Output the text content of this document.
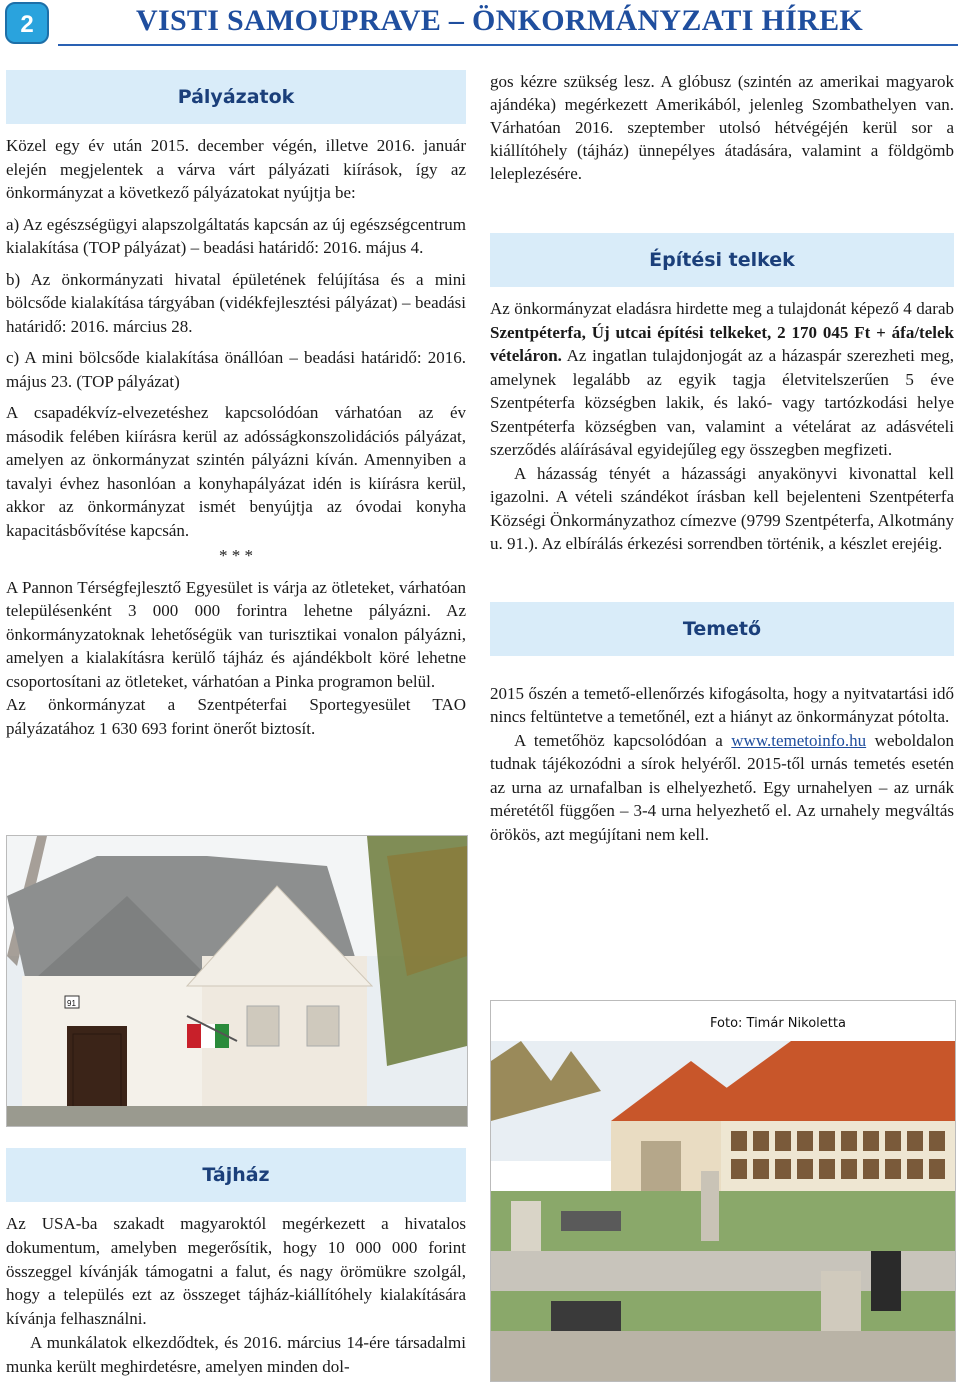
2	VISTI SAMOUPRAVE – ÖNKORMÁNYZATI HÍREK
Pályázatok

Közel egy év után 2015. december végén, illetve 2016. január elején megjelentek a várva várt pályázati kiírások, így az önkormányzat a következő pályázatokat nyújtja be:

a) Az egészségügyi alapszolgáltatás kapcsán az új egészségcentrum kialakítása (TOP pályázat) – beadási határidő: 2016. május 4.

b) Az önkormányzati hivatal épületének felújítása és a mini bölcsőde kialakítása tárgyában (vidékfejlesztési pályázat) – beadási határidő: 2016. március 28.

c) A mini bölcsőde kialakítása önállóan – beadási határidő: 2016. május 23. (TOP pályázat)

A csapadékvíz-elvezetéshez kapcsolódóan várhatóan az év második felében kiírásra kerül az adósságkonszolidációs pályázat, amelyen az önkormányzat szintén pályázni kíván. Amennyiben a tavalyi évhez hasonlóan a konyhapályázat idén is kiírásra kerül, akkor az önkormányzat ismét benyújtja az óvodai konyha kapacitásbővítése kapcsán.

* * *

A Pannon Térségfejlesztő Egyesület is várja az ötleteket, várhatóan településenként 3 000 000 forintra lehetne pályázni. Az önkormányzatoknak lehetőségük van turisztikai vonalon pályázni, amelyen a kialakításra kerülő tájház és ajándékbolt köré lehetne csoportosítani az ötleteket, várhatóan a Pinka programon belül.

Az önkormányzat a Szentpéterfai Sportegyesület TAO pályázatához 1 630 693 forint önerőt biztosít.

91
Tájház

Az USA-ba szakadt magyaroktól megérkezett a hivatalos dokumentum, amelyben megerősítik, hogy 10 000 000 forint összeggel kívánják támogatni a falut, és nagy örömükre szolgál, hogy a település ezt az összeget tájház-kiállítóhely kialakítására kívánja felhasználni.

A munkálatok elkezdődtek, és 2016. március 14-ére társadalmi munka került meghirdetésre, amelyen minden dol-

gos kézre szükség lesz. A glóbusz (szintén az amerikai magyarok ajándéka) megérkezett Amerikából, jelenleg Szombathelyen van. Várhatóan 2016. szeptember utolsó hétvégéjén kerül sor a kiállítóhely (tájház) ünnepélyes átadására, valamint a földgömb leleplezésére.

Építési telkek

Az önkormányzat eladásra hirdette meg a tulajdonát képező 4 darab Szentpéterfa, Új utcai építési telkeket, 2 170 045 Ft + áfa/telek vételáron. Az ingatlan tulajdonjogát az a házaspár szerezheti meg, amelynek legalább az egyik tagja életvitelszerűen 5 éve Szentpéterfa községben lakik, és lakó- vagy tartózkodási helye Szentpéterfa községben van, valamint a vételárat az adásvételi szerződés aláírásával egyidejűleg egy összegben megfizeti.

A házasság tényét a házassági anyakönyvi kivonattal kell igazolni. A vételi szándékot írásban kell bejelenteni Szentpéterfa Községi Önkormányzathoz címezve (9799 Szentpéterfa, Alkotmány u. 91.). Az elbírálás érkezési sorrendben történik, a készlet erejéig.

Temető

2015 őszén a temető-ellenőrzés kifogásolta, hogy a nyitvatartási idő nincs feltüntetve a temetőnél, ezt a hiányt az önkormányzat pótolta.

A temetőhöz kapcsolódóan a www.temetoinfo.hu weboldalon tudnak tájékozódni a sírok helyéről. 2015-től urnás temetés esetén az urna az urnafalban is elhelyezhető. Egy urnahelyen – az urnák méretétől függően – 3-4 urna helyezhető el. Az urnahely megváltás örökös, azt megújítani nem kell.

Foto: Timár Nikoletta
